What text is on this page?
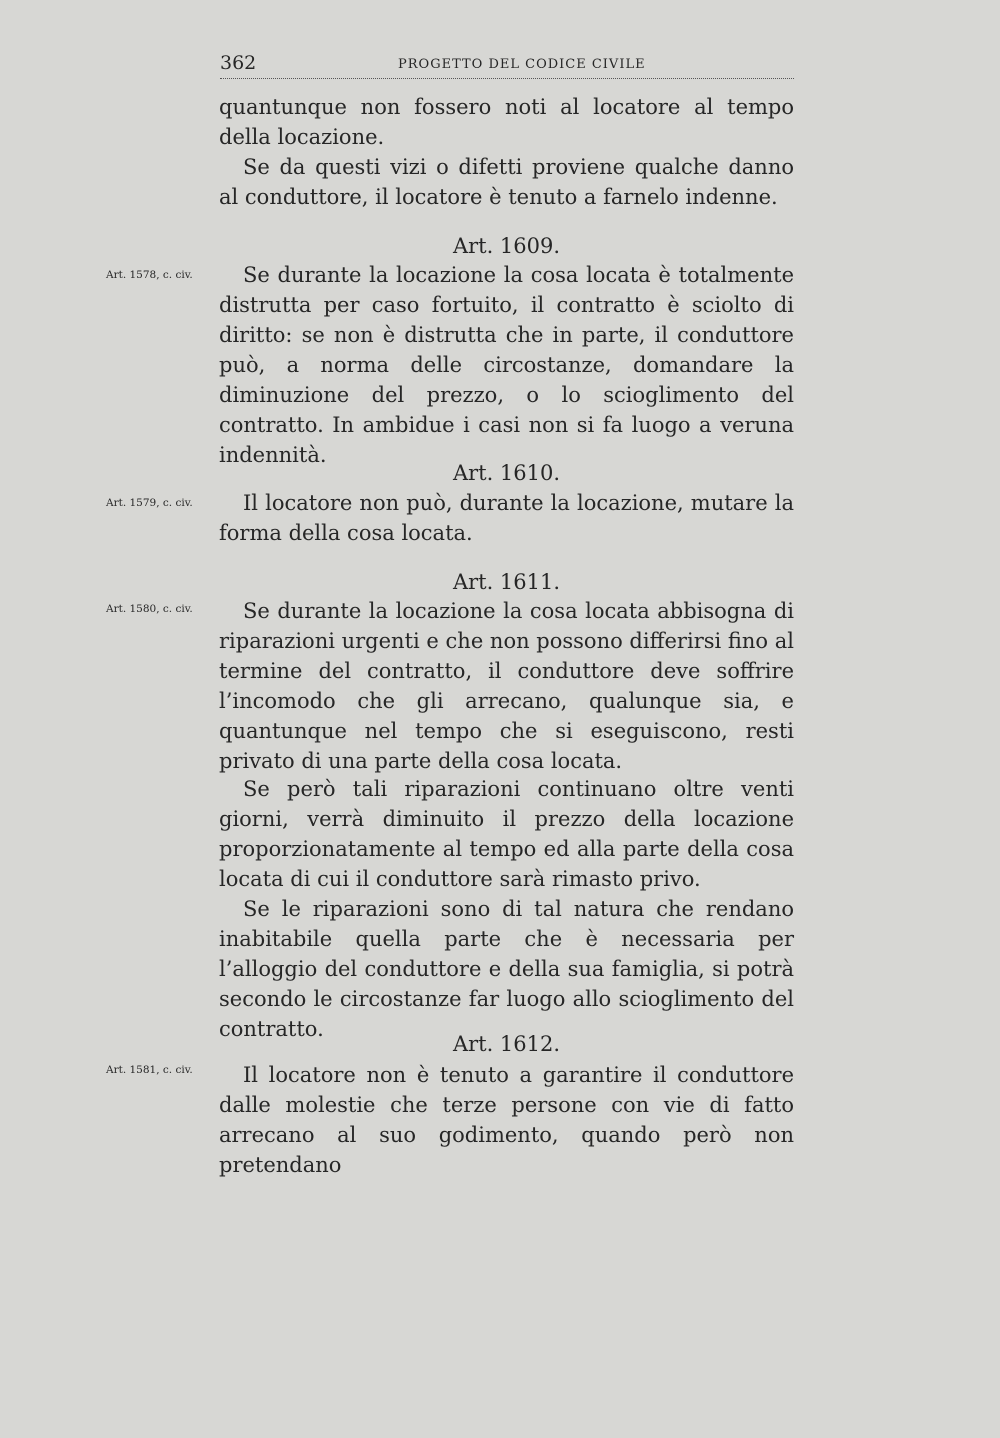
362	PROGETTO DEL CODICE CIVILE
quantunque non fossero noti al locatore al tempo della locazione.
Se da questi vizi o difetti proviene qualche danno al conduttore, il locatore è tenuto a farnelo indenne.
Art. 1609.
Art. 1578, c. civ.	Se durante la locazione la cosa locata è totalmente distrutta per caso fortuito, il contratto è sciolto di diritto: se non è distrutta che in parte, il conduttore può, a norma delle circostanze, domandare la diminuzione del prezzo, o lo scioglimento del contratto. In ambidue i casi non si fa luogo a veruna indennità.
Art. 1610.
Art. 1579, c. civ.	Il locatore non può, durante la locazione, mutare la forma della cosa locata.
Art. 1611.
Art. 1580, c. civ.	Se durante la locazione la cosa locata abbisogna di riparazioni urgenti e che non possono differirsi fino al termine del contratto, il conduttore deve soffrire l’incomodo che gli arrecano, qualunque sia, e quantunque nel tempo che si eseguiscono, resti privato di una parte della cosa locata.
Se però tali riparazioni continuano oltre venti giorni, verrà diminuito il prezzo della locazione proporzionatamente al tempo ed alla parte della cosa locata di cui il conduttore sarà rimasto privo.
Se le riparazioni sono di tal natura che rendano inabitabile quella parte che è necessaria per l’alloggio del conduttore e della sua famiglia, si potrà secondo le circostanze far luogo allo scioglimento del contratto.
Art. 1612.
Art. 1581, c. civ.	Il locatore non è tenuto a garantire il conduttore dalle molestie che terze persone con vie di fatto arrecano al suo godimento, quando però non pretendano
